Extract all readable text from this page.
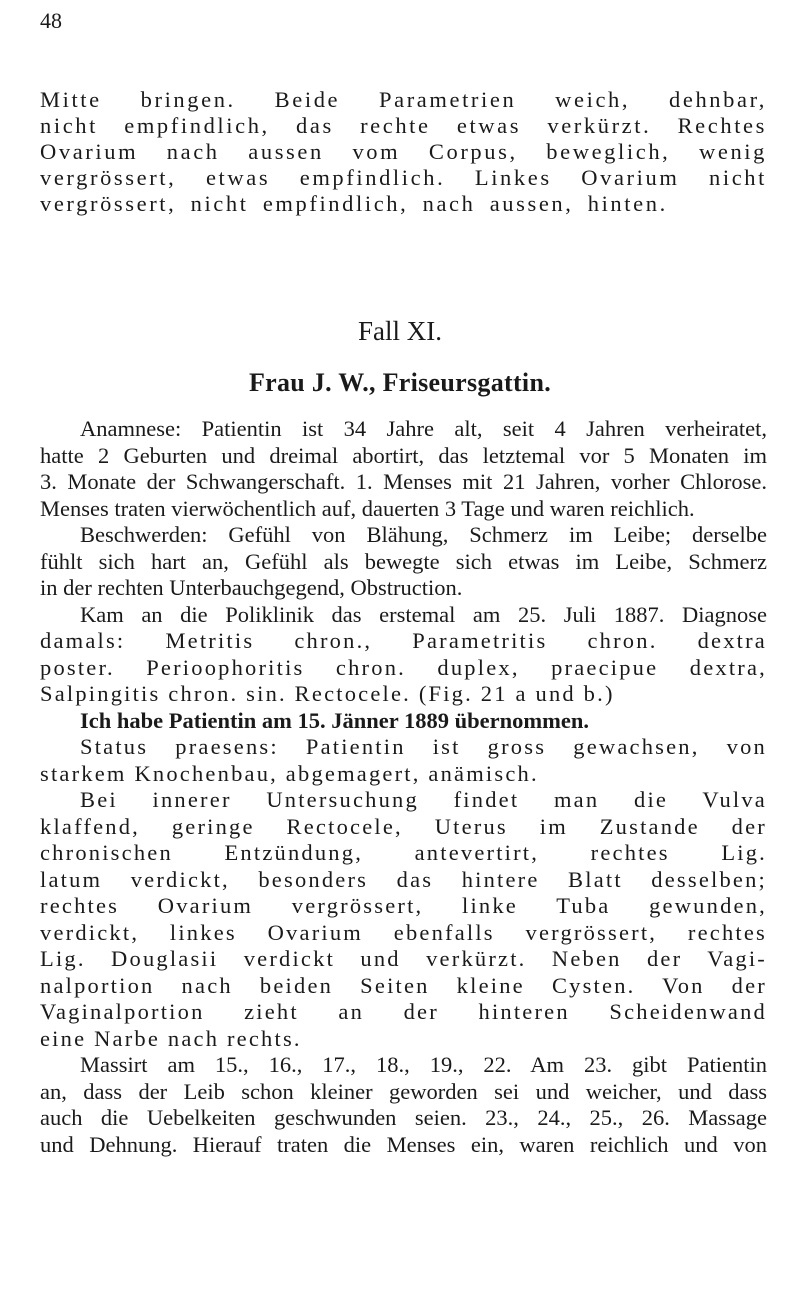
48
Mitte bringen. Beide Parametrien weich, dehnbar,
nicht empfindlich, das rechte etwas verkürzt. Rechtes
Ovarium nach aussen vom Corpus, beweglich, wenig
vergrössert, etwas empfindlich. Linkes Ovarium nicht
vergrössert, nicht empfindlich, nach aussen, hinten.
Fall XI.
Frau J. W., Friseursgattin.
Anamnese: Patientin ist 34 Jahre alt, seit 4 Jahren verheiratet,
hatte 2 Geburten und dreimal abortirt, das letztemal vor 5 Monaten im
3. Monate der Schwangerschaft. 1. Menses mit 21 Jahren, vorher Chlorose.
Menses traten vierwöchentlich auf, dauerten 3 Tage und waren reichlich.
Beschwerden: Gefühl von Blähung, Schmerz im Leibe; derselbe
fühlt sich hart an, Gefühl als bewegte sich etwas im Leibe, Schmerz
in der rechten Unterbauchgegend, Obstruction.
Kam an die Poliklinik das erstemal am 25. Juli 1887. Diagnose
damals: Metritis chron., Parametritis chron. dextra
poster. Perioophoritis chron. duplex, praecipue dextra,
Salpingitis chron. sin. Rectocele. (Fig. 21 a und b.)
Ich habe Patientin am 15. Jänner 1889 übernommen.
Status praesens: Patientin ist gross gewachsen, von
starkem Knochenbau, abgemagert, anämisch.
Bei innerer Untersuchung findet man die Vulva
klaffend, geringe Rectocele, Uterus im Zustande der
chronischen Entzündung, antevertirt, rechtes Lig.
latum verdickt, besonders das hintere Blatt desselben;
rechtes Ovarium vergrössert, linke Tuba gewunden,
verdickt, linkes Ovarium ebenfalls vergrössert, rechtes
Lig. Douglasii verdickt und verkürzt. Neben der Vagi-
nalportion nach beiden Seiten kleine Cysten. Von der
Vaginalportion zieht an der hinteren Scheidenwand
eine Narbe nach rechts.
Massirt am 15., 16., 17., 18., 19., 22. Am 23. gibt Patientin
an, dass der Leib schon kleiner geworden sei und weicher, und dass
auch die Uebelkeiten geschwunden seien. 23., 24., 25., 26. Massage
und Dehnung. Hierauf traten die Menses ein, waren reichlich und von
